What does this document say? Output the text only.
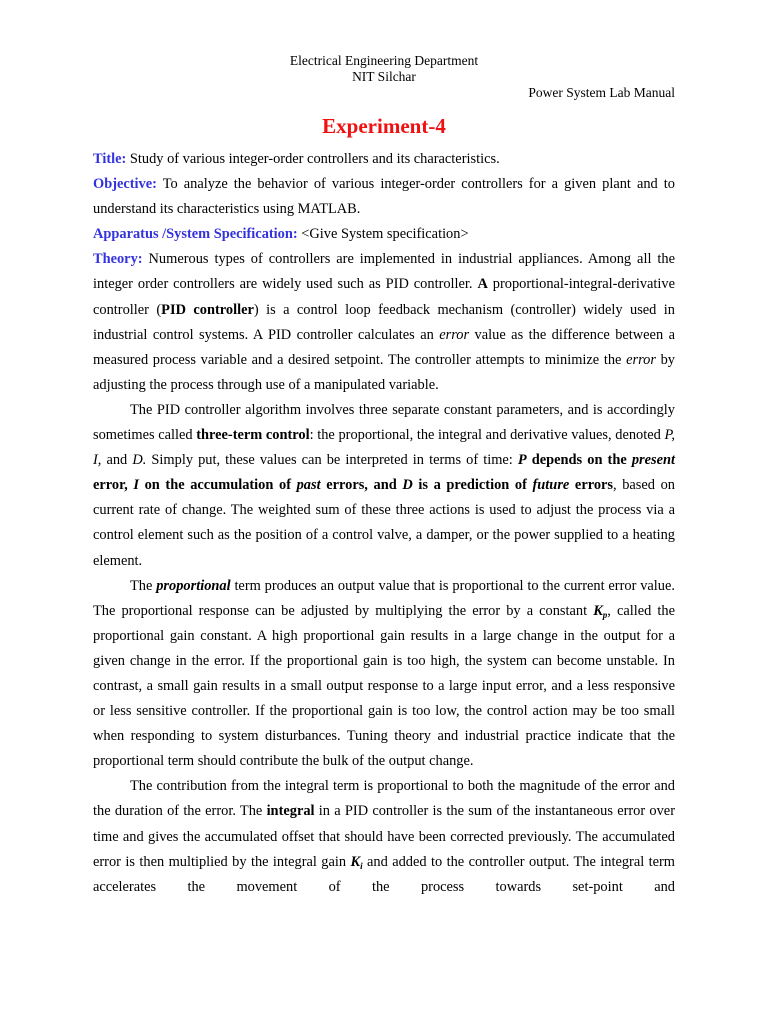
Electrical Engineering Department
NIT Silchar
Power System Lab Manual
Experiment-4

Title: Study of various integer-order controllers and its characteristics.

Objective: To analyze the behavior of various integer-order controllers for a given plant and to understand its characteristics using MATLAB.

Apparatus /System Specification: <Give System specification>

Theory: Numerous types of controllers are implemented in industrial appliances. Among all the integer order controllers are widely used such as PID controller. A proportional-integral-derivative controller (PID controller) is a control loop feedback mechanism (controller) widely used in industrial control systems. A PID controller calculates an error value as the difference between a measured process variable and a desired setpoint. The controller attempts to minimize the error by adjusting the process through use of a manipulated variable.

The PID controller algorithm involves three separate constant parameters, and is accordingly sometimes called three-term control: the proportional, the integral and derivative values, denoted P, I, and D. Simply put, these values can be interpreted in terms of time: P depends on the present error, I on the accumulation of past errors, and D is a prediction of future errors, based on current rate of change. The weighted sum of these three actions is used to adjust the process via a control element such as the position of a control valve, a damper, or the power supplied to a heating element.

The proportional term produces an output value that is proportional to the current error value. The proportional response can be adjusted by multiplying the error by a constant $K_p$, called the proportional gain constant. A high proportional gain results in a large change in the output for a given change in the error. If the proportional gain is too high, the system can become unstable. In contrast, a small gain results in a small output response to a large input error, and a less responsive or less sensitive controller. If the proportional gain is too low, the control action may be too small when responding to system disturbances. Tuning theory and industrial practice indicate that the proportional term should contribute the bulk of the output change.

The contribution from the integral term is proportional to both the magnitude of the error and the duration of the error. The integral in a PID controller is the sum of the instantaneous error over time and gives the accumulated offset that should have been corrected previously. The accumulated error is then multiplied by the integral gain $K_i$ and added to the controller output. The integral term accelerates the movement of the process towards set-point and
